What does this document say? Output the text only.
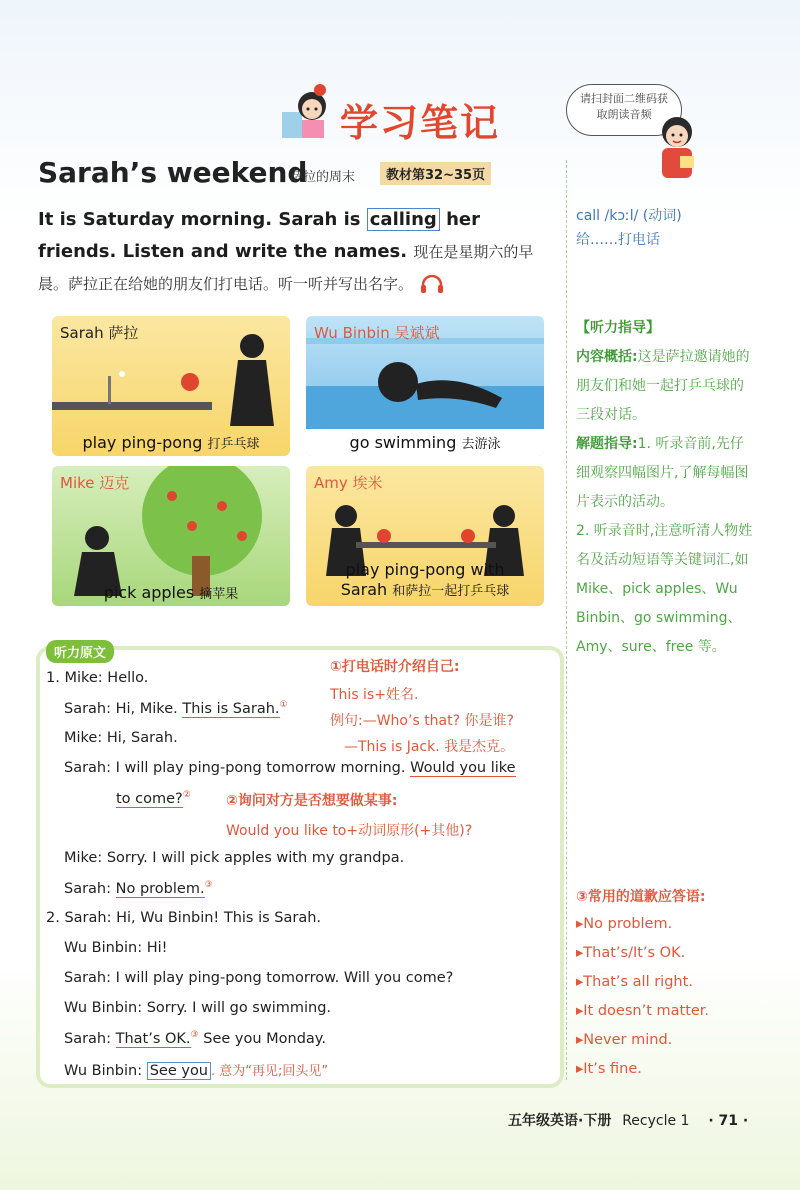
学习笔记
请扫封面二维码获
取朗读音频
Sarah’s weekend
萨拉的周末	教材第32~35页
It is Saturday morning. Sarah is calling her friends. Listen and write the names. 现在是星期六的早晨。萨拉正在给她的朋友们打电话。听一听并写出名字。
call /kɔːl/ (动词)
给……打电话
Sarah 萨拉
play ping-pong 打乒乓球
Wu Binbin 吴斌斌
go swimming 去游泳
Mike 迈克
pick apples 摘苹果
Amy 埃米
play ping-pong with
Sarah 和萨拉一起打乒乓球
听力原文
1. Mike: Hello.
Sarah: Hi, Mike. This is Sarah.①
Mike: Hi, Sarah.
Sarah: I will play ping-pong tomorrow morning. Would you like
to come?②
Mike: Sorry. I will pick apples with my grandpa.
Sarah: No problem.③
2. Sarah: Hi, Wu Binbin! This is Sarah.
Wu Binbin: Hi!
Sarah: I will play ping-pong tomorrow. Will you come?
Wu Binbin: Sorry. I will go swimming.
Sarah: That’s OK.③ See you Monday.
Wu Binbin: See you . 意为“再见;回头见”
①打电话时介绍自己:
This is+姓名.
例句:—Who’s that? 你是谁?
—This is Jack. 我是杰克。
②询问对方是否想要做某事:
Would you like to+动词原形(+其他)?
【听力指导】
内容概括:这是萨拉邀请她的朋友们和她一起打乒乓球的三段对话。
解题指导:1. 听录音前,先仔细观察四幅图片,了解每幅图片表示的活动。
2. 听录音时,注意听清人物姓名及活动短语等关键词汇,如 Mike、pick apples、Wu Binbin、go swimming、Amy、sure、free 等。
③常用的道歉应答语:
▸No problem.
▸That’s/It’s OK.
▸That’s all right.
▸It doesn’t matter.
▸Never mind.
▸It’s fine.
五年级英语·下册 Recycle 1 · 71 ·
